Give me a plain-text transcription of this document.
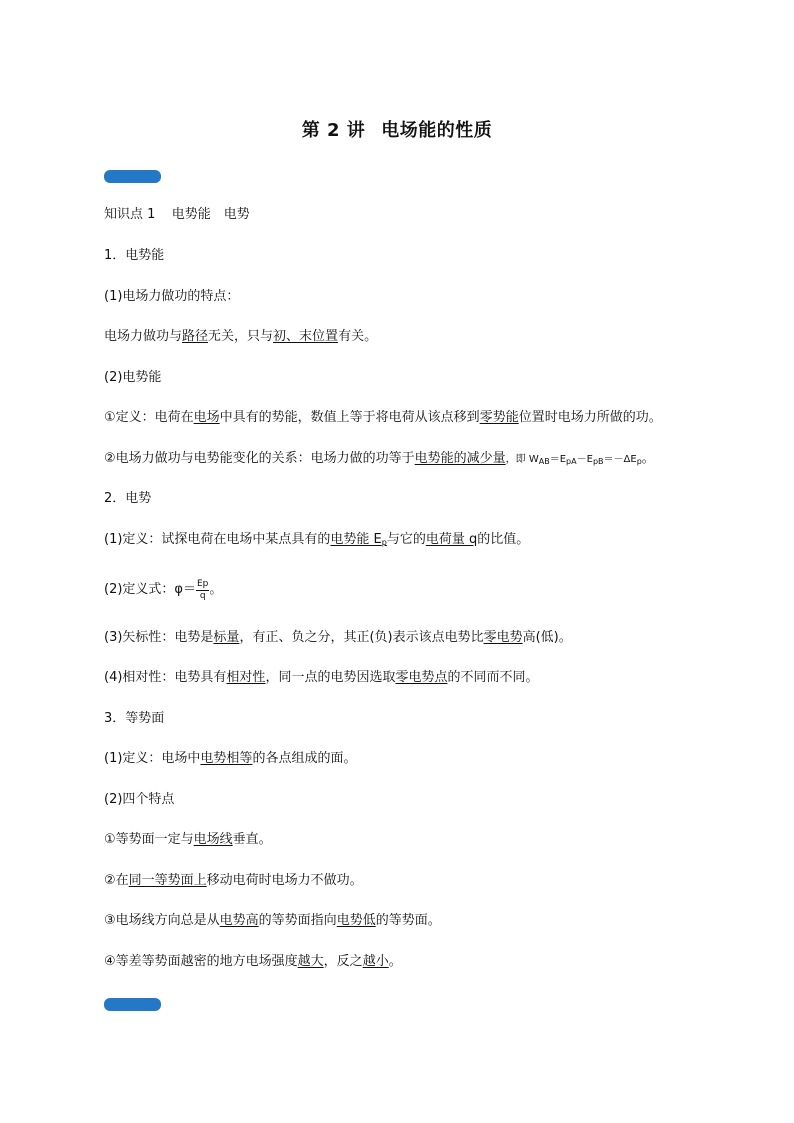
第 2 讲 电场能的性质
知识点 1 电势能　电势
1．电势能
(1)电场力做功的特点：
电场力做功与路径无关，只与初、末位置有关。
(2)电势能
①定义：电荷在电场中具有的势能，数值上等于将电荷从该点移到零势能位置时电场力所做的功。
②电场力做功与电势能变化的关系：电场力做的功等于电势能的减少量，即 $W_{AB}=E_{pA}-E_{pB}=-\Delta E_p$。
2．电势
(1)定义：试探电荷在电场中某点具有的电势能 $E_p$与它的电荷量 q的比值。
(2)定义式：$\varphi= \frac{Ep}{q}$ 。
(3)矢标性：电势是标量，有正、负之分，其正(负)表示该点电势比零电势高(低)。
(4)相对性：电势具有相对性，同一点的电势因选取零电势点的不同而不同。
3．等势面
(1)定义：电场中电势相等的各点组成的面。
(2)四个特点
①等势面一定与电场线垂直。
②在同一等势面上移动电荷时电场力不做功。
③电场线方向总是从电势高的等势面指向电势低的等势面。
④等差等势面越密的地方电场强度越大，反之越小。
